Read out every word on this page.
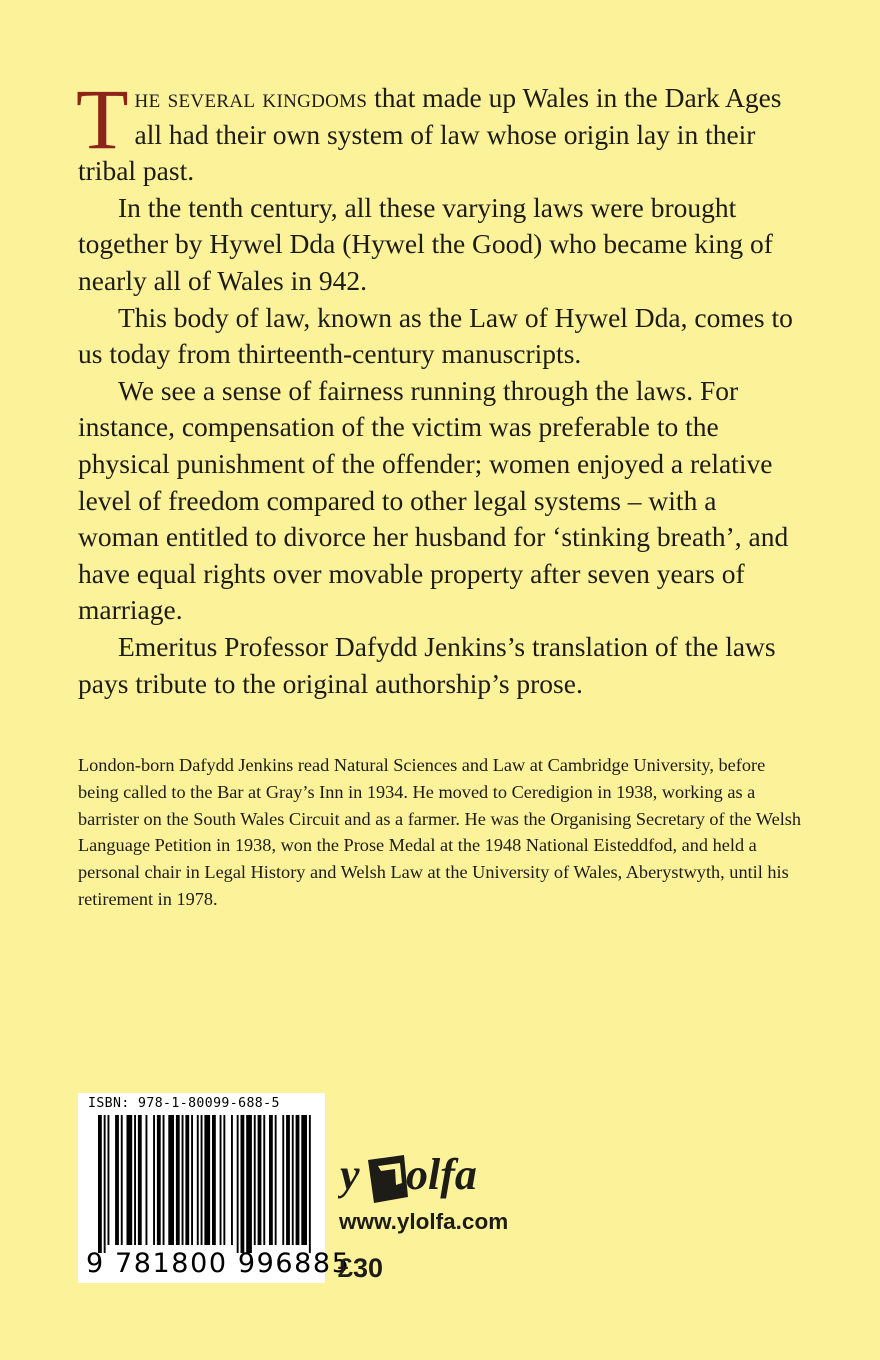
The several kingdoms that made up Wales in the Dark Ages all had their own system of law whose origin lay in their tribal past.

In the tenth century, all these varying laws were brought together by Hywel Dda (Hywel the Good) who became king of nearly all of Wales in 942.

This body of law, known as the Law of Hywel Dda, comes to us today from thirteenth-century manuscripts.

We see a sense of fairness running through the laws. For instance, compensation of the victim was preferable to the physical punishment of the offender; women enjoyed a relative level of freedom compared to other legal systems – with a woman entitled to divorce her husband for ‘stinking breath’, and have equal rights over movable property after seven years of marriage.

Emeritus Professor Dafydd Jenkins’s translation of the laws pays tribute to the original authorship’s prose.

London-born Dafydd Jenkins read Natural Sciences and Law at Cambridge University, before being called to the Bar at Gray’s Inn in 1934. He moved to Ceredigion in 1938, working as a barrister on the South Wales Circuit and as a farmer. He was the Organising Secretary of the Welsh Language Petition in 1938, won the Prose Medal at the 1948 National Eisteddfod, and held a personal chair in Legal History and Welsh Law at the University of Wales, Aberystwyth, until his retirement in 1978.

ISBN: 978-1-80099-688-5
9 781800 996885
y olfa
www.ylolfa.com
£30
